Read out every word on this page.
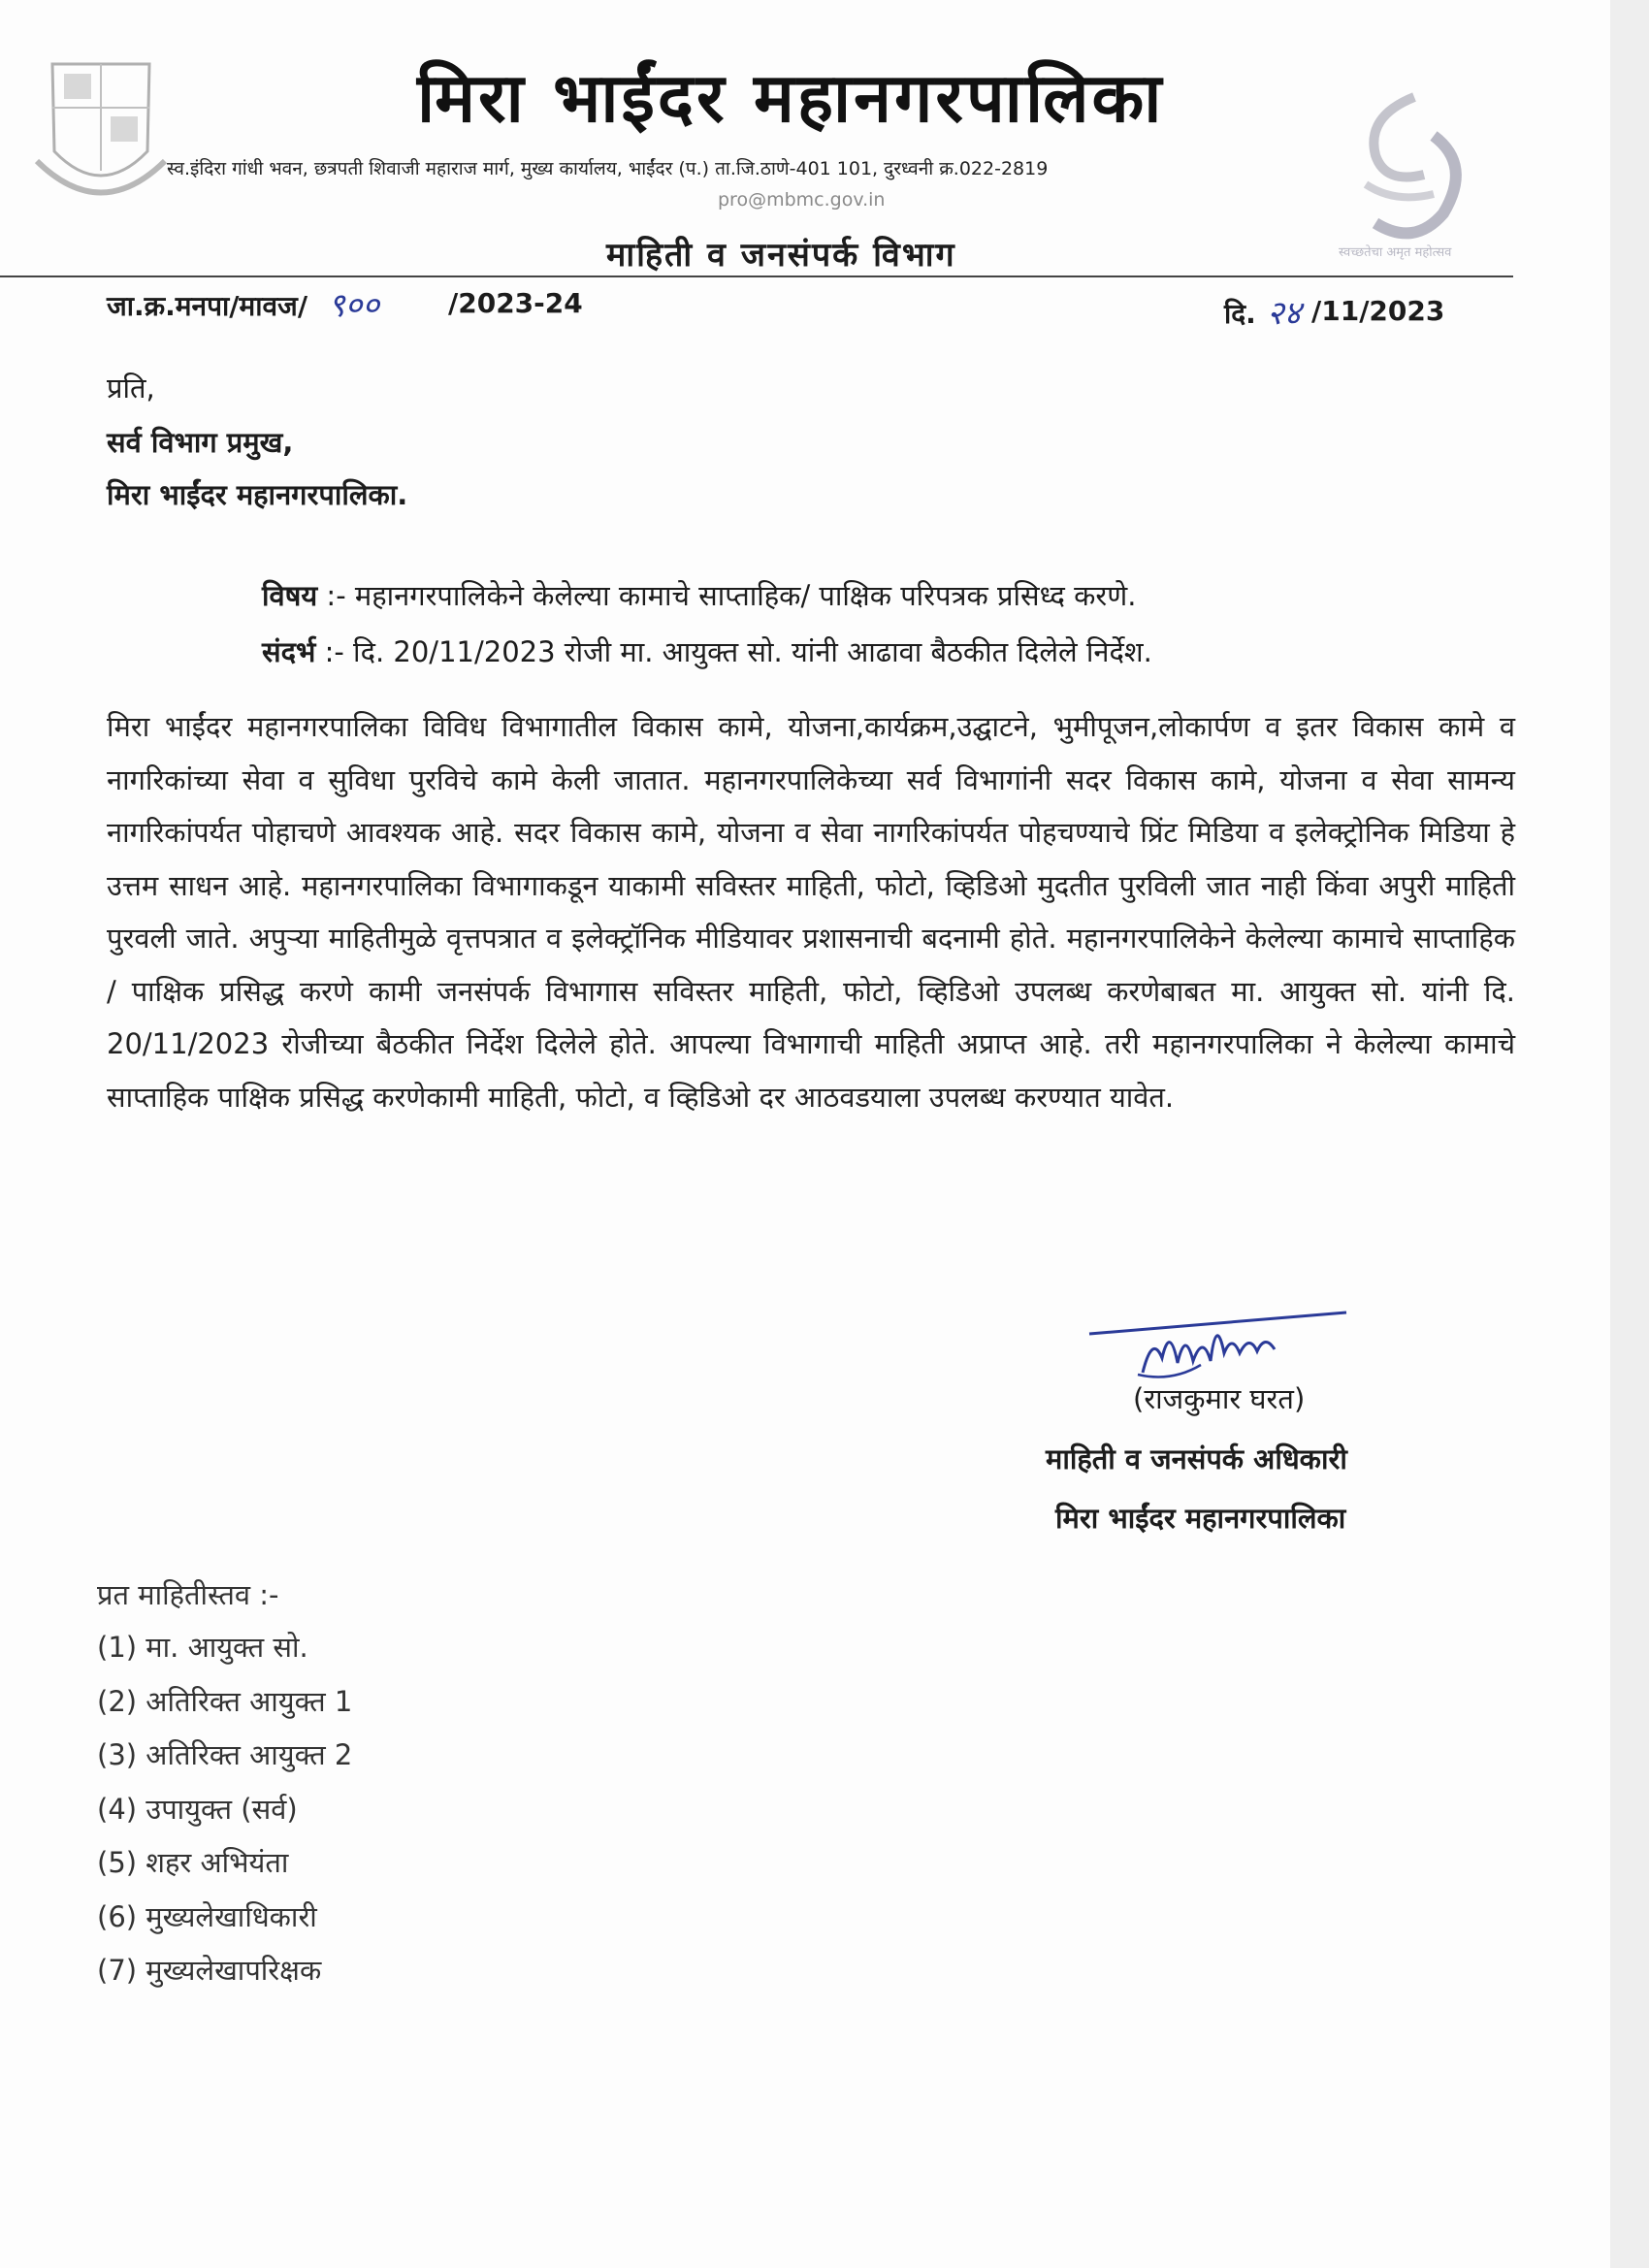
मिरा भाईंदर महानगरपालिका
स्व.इंदिरा गांधी भवन, छत्रपती शिवाजी महाराज मार्ग, मुख्य कार्यालय, भाईंदर (प.) ता.जि.ठाणे-401 101, दुरध्वनी क्र.022-2819
pro@mbmc.gov.in
माहिती व जनसंपर्क विभाग	स्वच्छतेचा अमृत महोत्सव
जा.क्र.मनपा/मावज/ ९००	/2023-24	दि. २४ /11/2023
प्रति,
सर्व विभाग प्रमुख,
मिरा भाईंदर महानगरपालिका.
विषय :- महानगरपालिकेने केलेल्या कामाचे साप्ताहिक/ पाक्षिक परिपत्रक प्रसिध्द करणे.
संदर्भ :- दि. 20/11/2023 रोजी मा. आयुक्त सो. यांनी आढावा बैठकीत दिलेले निर्देश.
मिरा भाईंदर महानगरपालिका विविध विभागातील विकास कामे, योजना,कार्यक्रम,उद्घाटने, भुमीपूजन,लोकार्पण व इतर विकास कामे व नागरिकांच्या सेवा व सुविधा पुरविचे कामे केली जातात. महानगरपालिकेच्या सर्व विभागांनी सदर विकास कामे, योजना व सेवा सामन्य नागरिकांपर्यत पोहाचणे आवश्यक आहे. सदर विकास कामे, योजना व सेवा नागरिकांपर्यत पोहचण्याचे प्रिंट मिडिया व इलेक्ट्रोनिक मिडिया हे उत्तम साधन आहे. महानगरपालिका विभागाकडून याकामी सविस्तर माहिती, फोटो, व्हिडिओ मुदतीत पुरविली जात नाही किंवा अपुरी माहिती पुरवली जाते. अपुऱ्या माहितीमुळे वृत्तपत्रात व इलेक्ट्रॉनिक मीडियावर प्रशासनाची बदनामी होते. महानगरपालिकेने केलेल्या कामाचे साप्ताहिक / पाक्षिक प्रसिद्ध करणे कामी जनसंपर्क विभागास सविस्तर माहिती, फोटो, व्हिडिओ उपलब्ध करणेबाबत मा. आयुक्त सो. यांनी दि. 20/11/2023 रोजीच्या बैठकीत निर्देश दिलेले होते. आपल्या विभागाची माहिती अप्राप्त आहे. तरी महानगरपालिका ने केलेल्या कामाचे साप्ताहिक पाक्षिक प्रसिद्ध करणेकामी माहिती, फोटो, व व्हिडिओ दर आठवडयाला उपलब्ध करण्यात यावेत.
(राजकुमार घरत)
माहिती व जनसंपर्क अधिकारी
मिरा भाईंदर महानगरपालिका
प्रत माहितीस्तव :-
(1) मा. आयुक्त सो.
(2) अतिरिक्त आयुक्त 1
(3) अतिरिक्त आयुक्त 2
(4) उपायुक्त (सर्व)
(5) शहर अभियंता
(6) मुख्यलेखाधिकारी
(7) मुख्यलेखापरिक्षक
